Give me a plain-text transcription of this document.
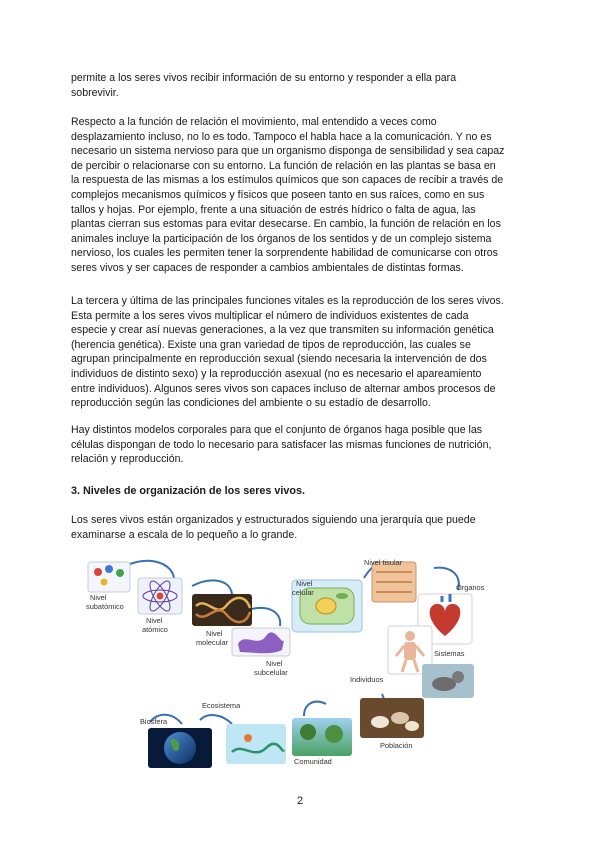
permite a los seres vivos recibir información de su entorno y responder a ella para
sobrevivir.

Respecto a la función de relación el movimiento, mal entendido a veces como
desplazamiento incluso, no lo es todo. Tampoco el habla hace a la comunicación. Y no es
necesario un sistema nervioso para que un organismo disponga de sensibilidad y sea capaz
de percibir o relacionarse con su entorno. La función de relación en las plantas se basa en
la respuesta de las mismas a los estímulos químicos que son capaces de recibir a través de
complejos mecanismos químicos y físicos que poseen tanto en sus raíces, como en sus
tallos y hojas. Por ejemplo, frente a una situación de estrés hídrico o falta de agua, las
plantas cierran sus estomas para evitar desecarse. En cambio, la función de relación en los
animales incluye la participación de los órganos de los sentidos y de un complejo sistema
nervioso, los cuales les permiten tener la sorprendente habilidad de comunicarse con otros
seres vivos y ser capaces de responder a cambios ambientales de distintas formas.

La tercera y última de las principales funciones vitales es la reproducción de los seres vivos.
Esta permite a los seres vivos multiplicar el número de individuos existentes de cada
especie y crear así nuevas generaciones, a la vez que transmiten su información genética
(herencia genética). Existe una gran variedad de tipos de reproducción, las cuales se
agrupan principalmente en reproducción sexual (siendo necesaria la intervención de dos
individuos de distinto sexo) y la reproducción asexual (no es necesario el apareamiento
entre individuos). Algunos seres vivos son capaces incluso de alternar ambos procesos de
reproducción según las condiciones del ambiente o su estadío de desarrollo.

Hay distintos modelos corporales para que el conjunto de órganos haga posible que las
células dispongan de todo lo necesario para satisfacer las mismas funciones de nutrición,
relación y reproducción.

3. Niveles de organización de los seres vivos.

Los seres vivos están organizados y estructurados siguiendo una jerarquía que puede
examinarse a escala de lo pequeño a lo grande.

Nivel
subatómico
Nivel
atómico	Nivel
molecular
Nivel
subcelular
Nivel
celular
Nivel tisular
Órganos
Sistemas
Individuos
Población
Comunidad
Ecosistema
Biosfera
2
